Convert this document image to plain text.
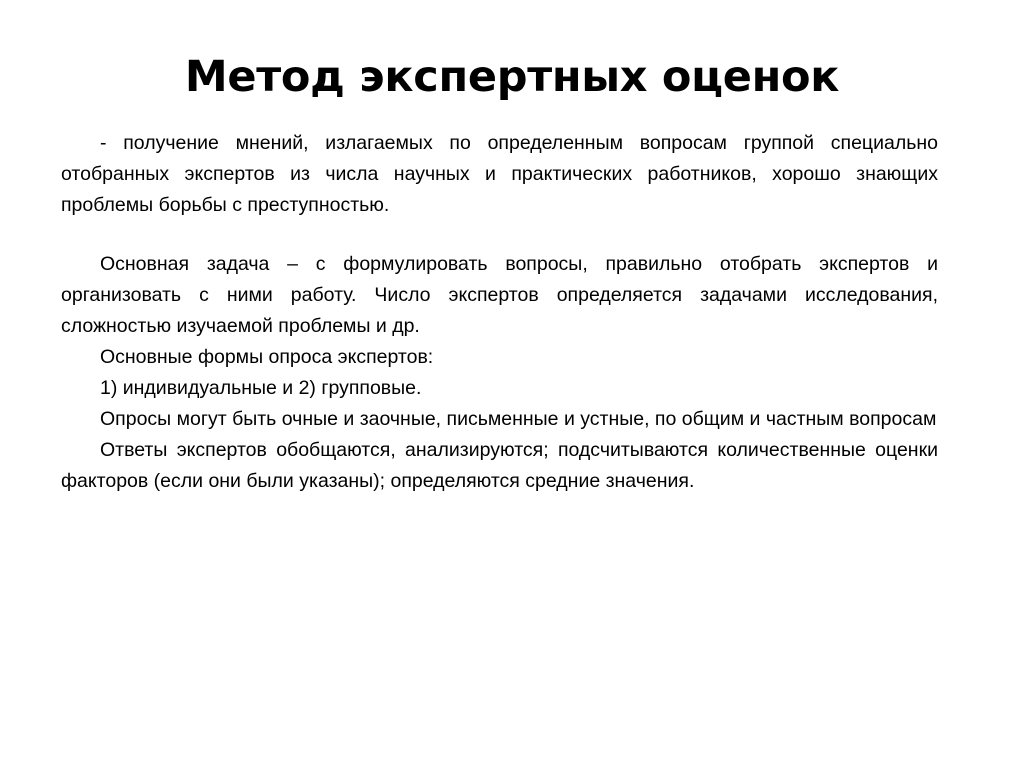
Метод экспертных оценок

- получение мнений, излагаемых по определенным вопросам группой специально отобранных экспертов из числа научных и практических работников, хорошо знающих проблемы борьбы с преступностью.

Основная задача – с формулировать вопросы, правильно отобрать экспертов и организовать с ними работу. Число экспертов определяется задачами исследования, сложностью изучаемой проблемы и др.

Основные формы опроса экспертов:

1) индивидуальные и 2) групповые.

Опросы могут быть очные и заочные, письменные и устные, по общим и частным вопросам

Ответы экспертов обобщаются, анализируются; подсчитываются количественные оценки факторов (если они были указаны); определяются средние значения.
